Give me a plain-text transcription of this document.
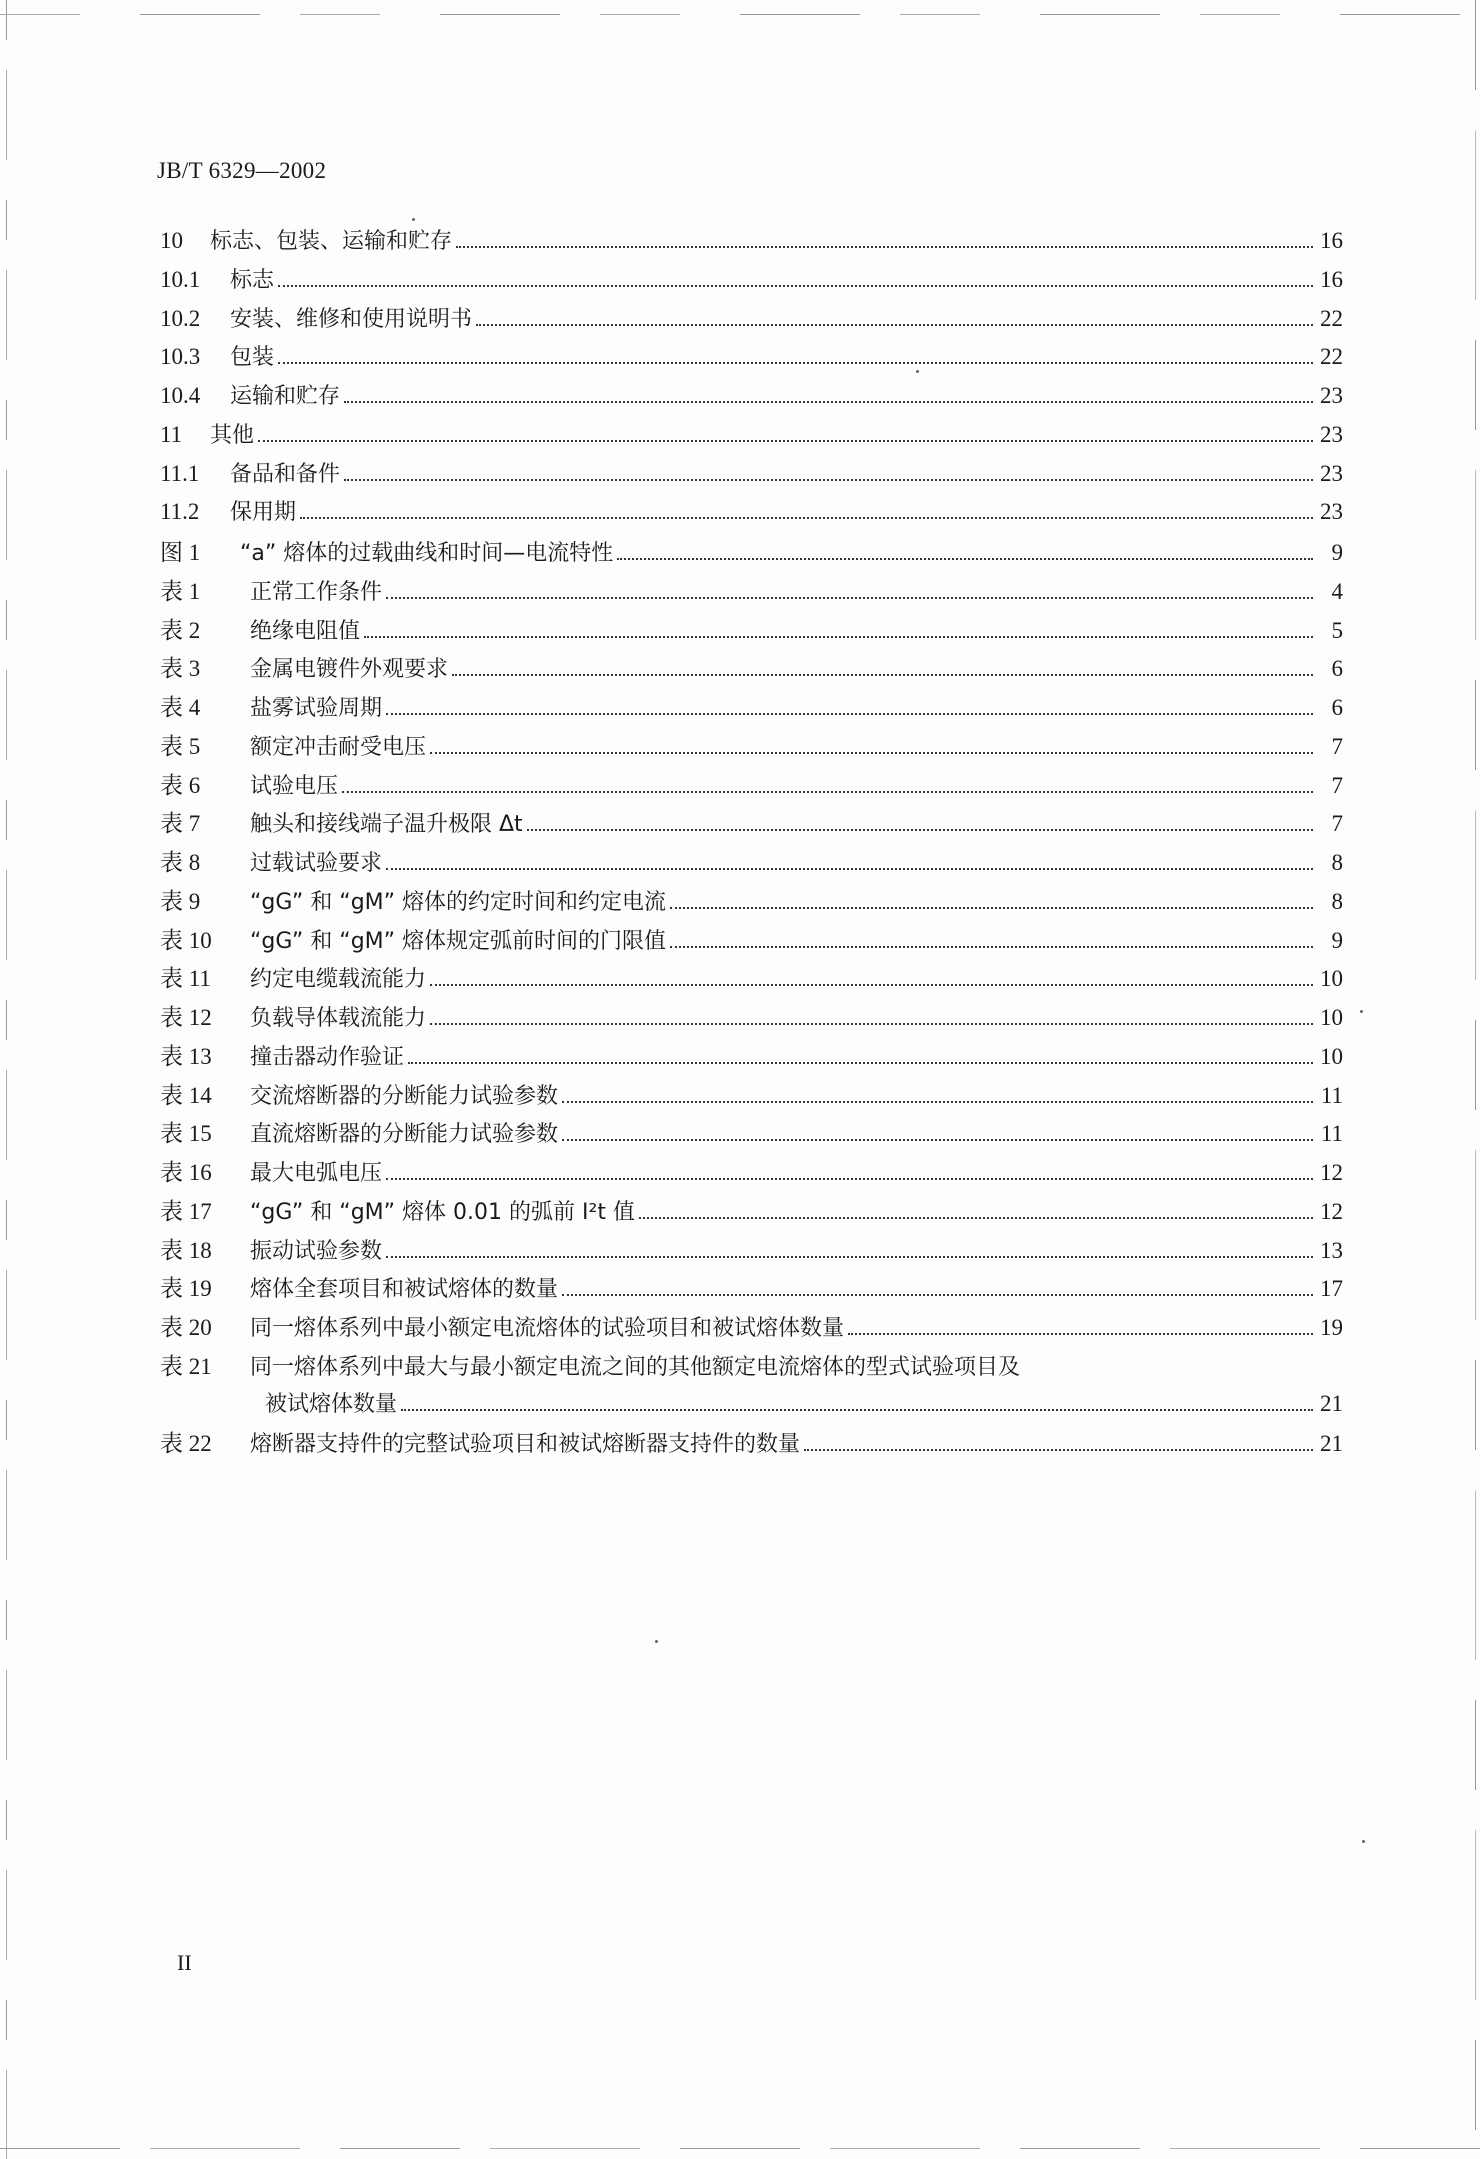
JB/T 6329—2002
10	标志、包装、运输和贮存	16
10.1	标志	16
10.2	安装、维修和使用说明书	22
10.3	包装	22
10.4	运输和贮存	23
11	其他	23
11.1	备品和备件	23
11.2	保用期	23
图 1	“a” 熔体的过载曲线和时间—电流特性	9
表 1	正常工作条件	4
表 2	绝缘电阻值	5
表 3	金属电镀件外观要求	6
表 4	盐雾试验周期	6
表 5	额定冲击耐受电压	7
表 6	试验电压	7
表 7	触头和接线端子温升极限 Δt	7
表 8	过载试验要求	8
表 9	“gG” 和 “gM” 熔体的约定时间和约定电流	8
表 10	“gG” 和 “gM” 熔体规定弧前时间的门限值	9
表 11	约定电缆载流能力	10
表 12	负载导体载流能力	10
表 13	撞击器动作验证	10
表 14	交流熔断器的分断能力试验参数	11
表 15	直流熔断器的分断能力试验参数	11
表 16	最大电弧电压	12
表 17	“gG” 和 “gM” 熔体 0.01 的弧前 I²t 值	12
表 18	振动试验参数	13
表 19	熔体全套项目和被试熔体的数量	17
表 20	同一熔体系列中最小额定电流熔体的试验项目和被试熔体数量	19
表 21	同一熔体系列中最大与最小额定电流之间的其他额定电流熔体的型式试验项目及
被试熔体数量	21
表 22	熔断器支持件的完整试验项目和被试熔断器支持件的数量	21
II
